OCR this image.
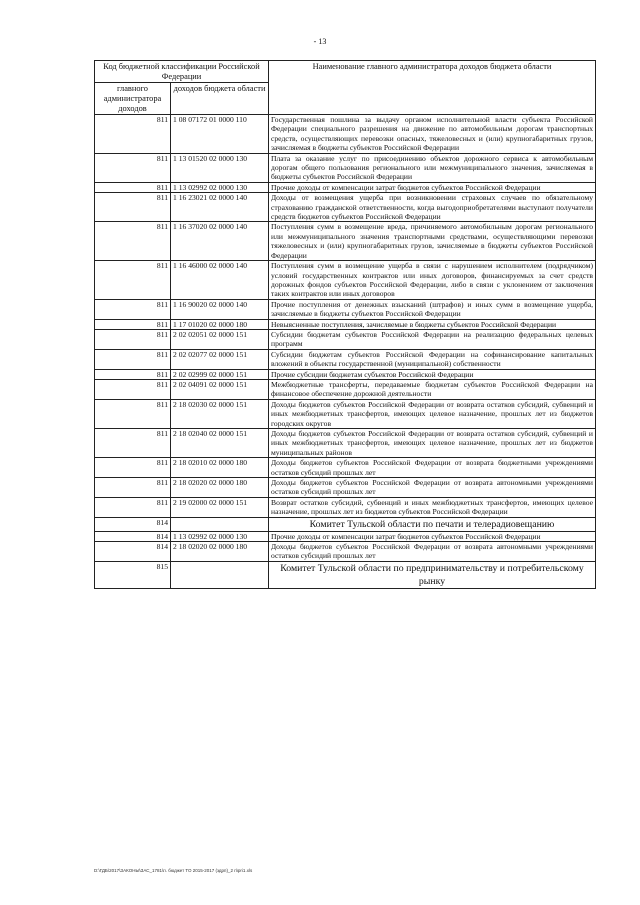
- 13
Код бюджетной классификации Российской Федерации		Наименование главного администратора доходов бюджета области
главного администратора доходов	доходов бюджета области	
811	1 08 07172 01 0000 110	Государственная пошлина за выдачу органом исполнительной власти субъекта Российской Федерации специального разрешения на движение по автомобильным дорогам транспортных средств, осуществляющих перевозки опасных, тяжеловесных и (или) крупногабаритных грузов, зачисляемая в бюджеты субъектов Российской Федерации
811	1 13 01520 02 0000 130	Плата за оказание услуг по присоединению объектов дорожного сервиса к автомобильным дорогам общего пользования регионального или межмуниципального значения, зачисляемая в бюджеты субъектов Российской Федерации
811	1 13 02992 02 0000 130	Прочие доходы от компенсации затрат бюджетов субъектов Российской Федерации
811	1 16 23021 02 0000 140	Доходы от возмещения ущерба при возникновении страховых случаев по обязательному страхованию гражданской ответственности, когда выгодоприобретателями выступают получатели средств бюджетов субъектов Российской Федерации
811	1 16 37020 02 0000 140	Поступления сумм в возмещение вреда, причиняемого автомобильным дорогам регионального или межмуниципального значения транспортными средствами, осуществляющими перевозки тяжеловесных и (или) крупногабаритных грузов, зачисляемые в бюджеты субъектов Российской Федерации
811	1 16 46000 02 0000 140	Поступления сумм в возмещение ущерба в связи с нарушением исполнителем (подрядчиком) условий государственных контрактов или иных договоров, финансируемых за счет средств дорожных фондов субъектов Российской Федерации, либо в связи с уклонением от заключения таких контрактов или иных договоров
811	1 16 90020 02 0000 140	Прочие поступления от денежных взысканий (штрафов) и иных сумм в возмещение ущерба, зачисляемые в бюджеты субъектов Российской Федерации
811	1 17 01020 02 0000 180	Невыясненные поступления, зачисляемые в бюджеты субъектов Российской Федерации
811	2 02 02051 02 0000 151	Субсидии бюджетам субъектов Российской Федерации на реализацию федеральных целевых программ
811	2 02 02077 02 0000 151	Субсидии бюджетам субъектов Российской Федерации на софинансирование капитальных вложений в объекты государственной (муниципальной) собственности
811	2 02 02999 02 0000 151	Прочие субсидии бюджетам субъектов Российской Федерации
811	2 02 04091 02 0000 151	Межбюджетные трансферты, передаваемые бюджетам субъектов Российской Федерации на финансовое обеспечение дорожной деятельности
811	2 18 02030 02 0000 151	Доходы бюджетов субъектов Российской Федерации от возврата остатков субсидий, субвенций и иных межбюджетных трансфертов, имеющих целевое назначение, прошлых лет из бюджетов городских округов
811	2 18 02040 02 0000 151	Доходы бюджетов субъектов Российской Федерации от возврата остатков субсидий, субвенций и иных межбюджетных трансфертов, имеющих целевое назначение, прошлых лет из бюджетов муниципальных районов
811	2 18 02010 02 0000 180	Доходы бюджетов субъектов Российской Федерации от возврата бюджетными учреждениями остатков субсидий прошлых лет
811	2 18 02020 02 0000 180	Доходы бюджетов субъектов Российской Федерации от возврата автономными учреждениями остатков субсидий прошлых лет
811	2 19 02000 02 0000 151	Возврат остатков субсидий, субвенций и иных межбюджетных трансфертов, имеющих целевое назначение, прошлых лет из бюджетов субъектов Российской Федерации
814		Комитет Тульской области по печати и телерадиовещанию
814	1 13 02992 02 0000 130	Прочие доходы от компенсации затрат бюджетов субъектов Российской Федерации
814	2 18 02020 02 0000 180	Доходы бюджетов субъектов Российской Федерации от возврата автономными учреждениями остатков субсидий прошлых лет
815		Комитет Тульской области по предпринимательству и потребительскому рынку
D:\ГДБ\2017\ЗАКОНЫ\ЗАС_1781\п. бюджет ТО 2015-2017 (здрп)_2 п\pri1.xls
